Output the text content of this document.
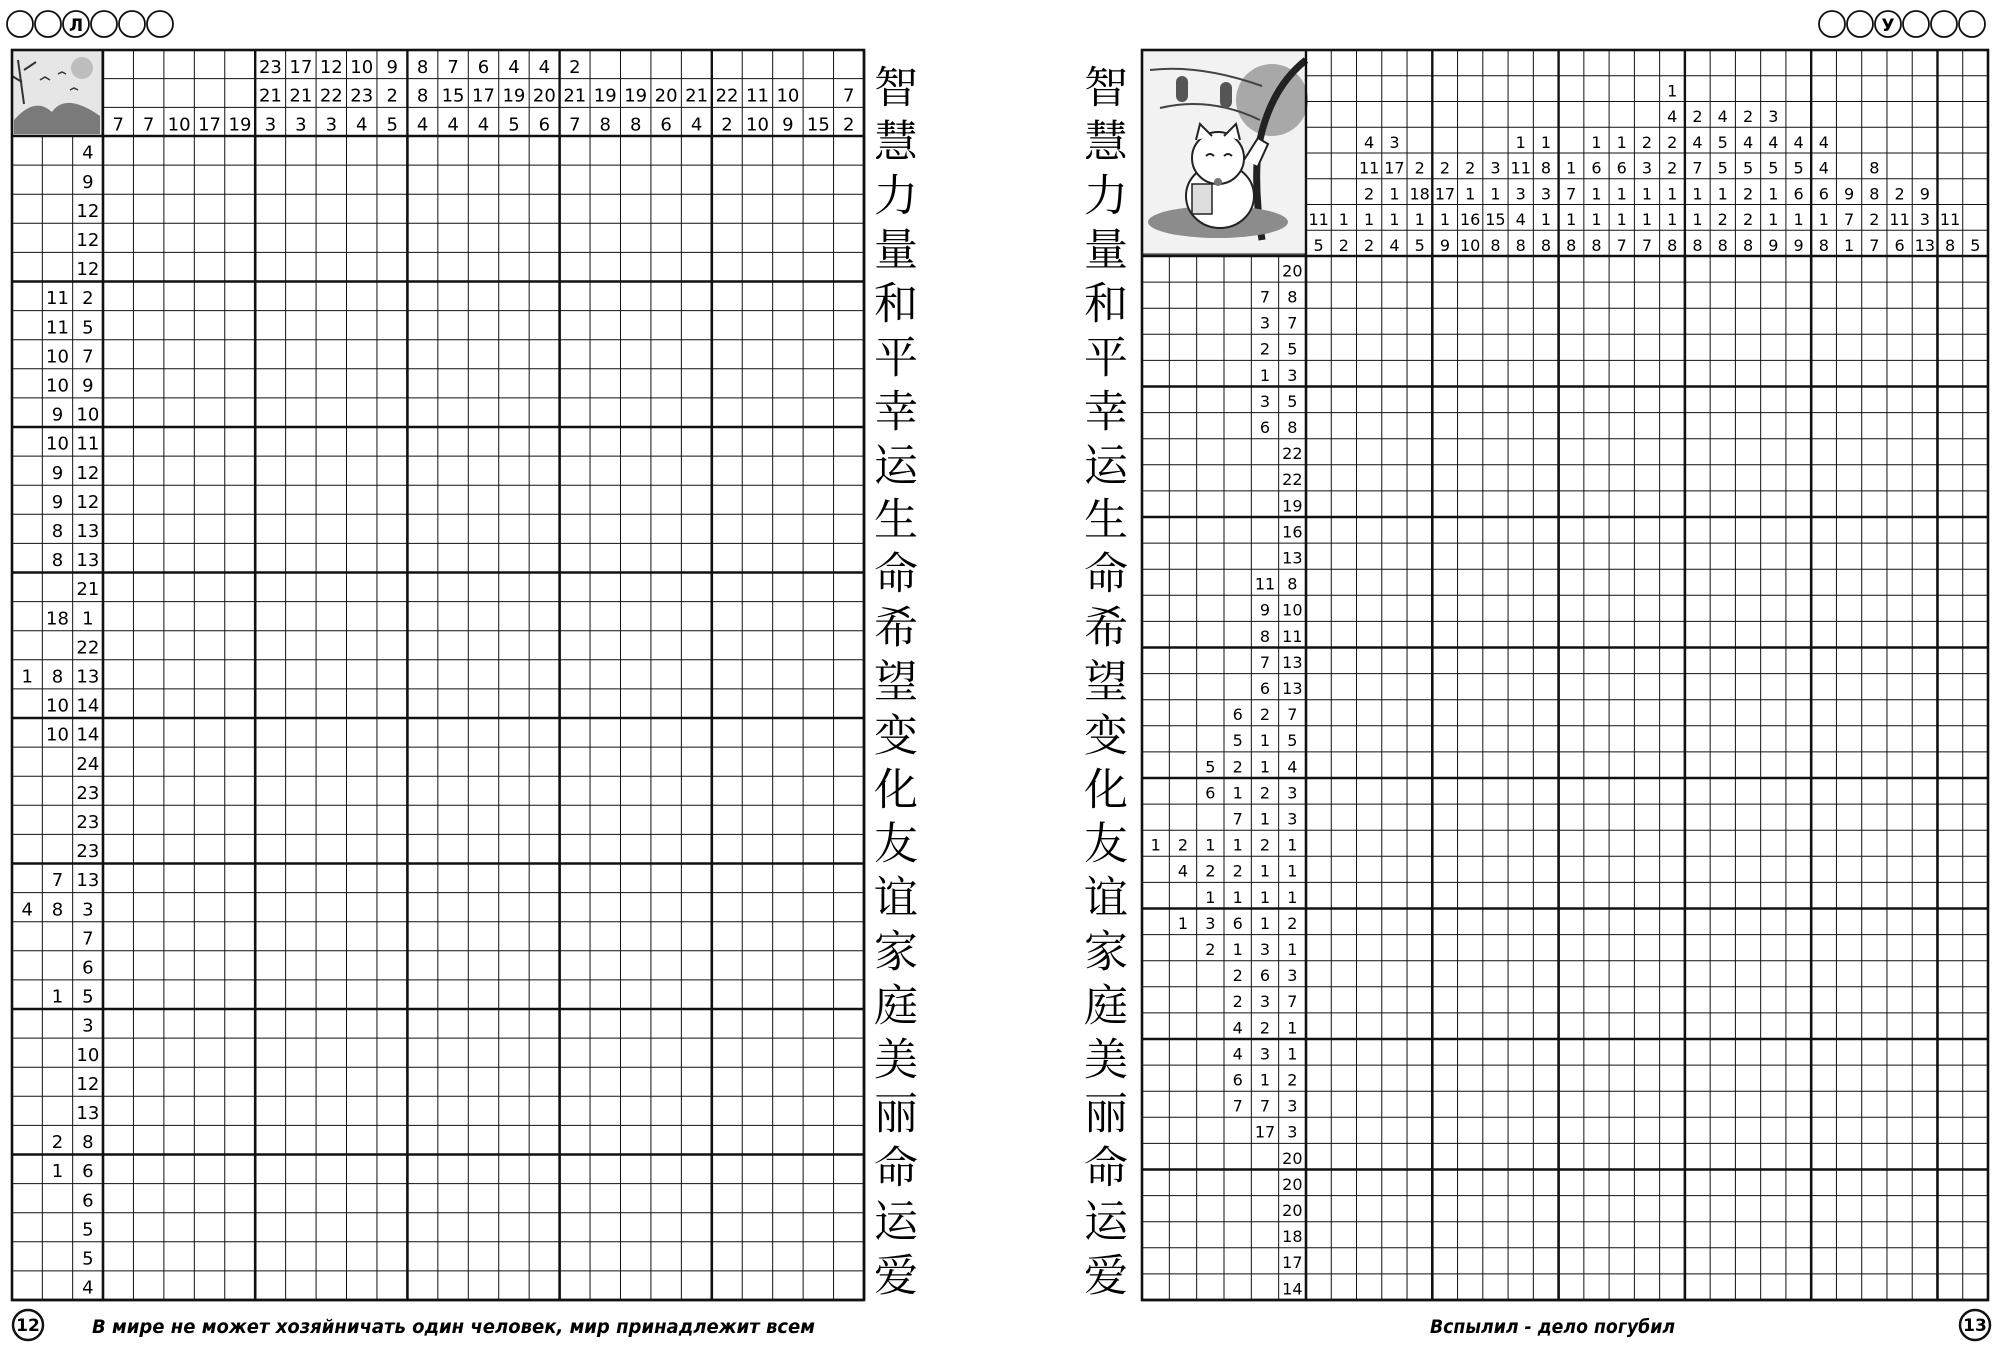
Л
7 7 10 17 19
23
21
3
17
21
3
12
22
3
10
23
4
9
2
5
8
8
4
7
15
4
6
17
4
4
19
5
4
20
6
2
21
7
19
8
19
8
20
6
21
4
22
2
11
10
10
9 15
7
2
4
9
12
12
12
11 2
11 5
10 7
10 9
9 10
10 11
9 12
9 12
8 13
8 13
21
18 1
22
1 8 13
10 14
10 14
24
23
23
23
7 13
4 8 3
7
6
1 5
3
10
12
13
2 8
1 6
6
5
5
4
智
慧
力
量
和
平
幸
运
生
命
希
望
变
化
友
谊
家
庭
美
丽
命
运
爱
12	В мире не может хозяйничать один человек, мир принадлежит всем
У
11
5
1
2
4
11
2
1
2
3
17
1
1
4
2
18
1
5
2
17
1
9
2
1
16
10
3
1
15
8
1
11
3
4
8
1
8
3
1
8
1
7
1
8
1
6
1
1
8
1
6
1
1
7
2
3
1
1
7
1
4
2
2
1
1
8
2
4
7
1
1
8
4
5
5
1
2
8
2
4
5
2
2
8
3
4
5
1
1
9
4
5
6
1
9
4
4
6
1
8
9
7
1
8
8
2
7
2
11
6
9
3
13
11
8 5
20
7 8
3 7
2 5
1 3
3 5
6 8
22
22
19
16
13
11 8
9 10
8 11
7 13
6 13
6 2 7
5 1 5
5 2 1 4
6 1 2 3
7 1 3
1 2 1 1 2 1
4 2 2 1 1
1 1 1 1
1 3 6 1 2
2 1 3 1
2 6 3
2 3 7
4 2 1
4 3 1
6 1 2
7 7 3
17 3
20
20
20
18
17
14
智
慧
力
量
和
平
幸
运
生
命
希
望
变
化
友
谊
家
庭
美
丽
命
运
爱
13
Вспылил - дело погубил
